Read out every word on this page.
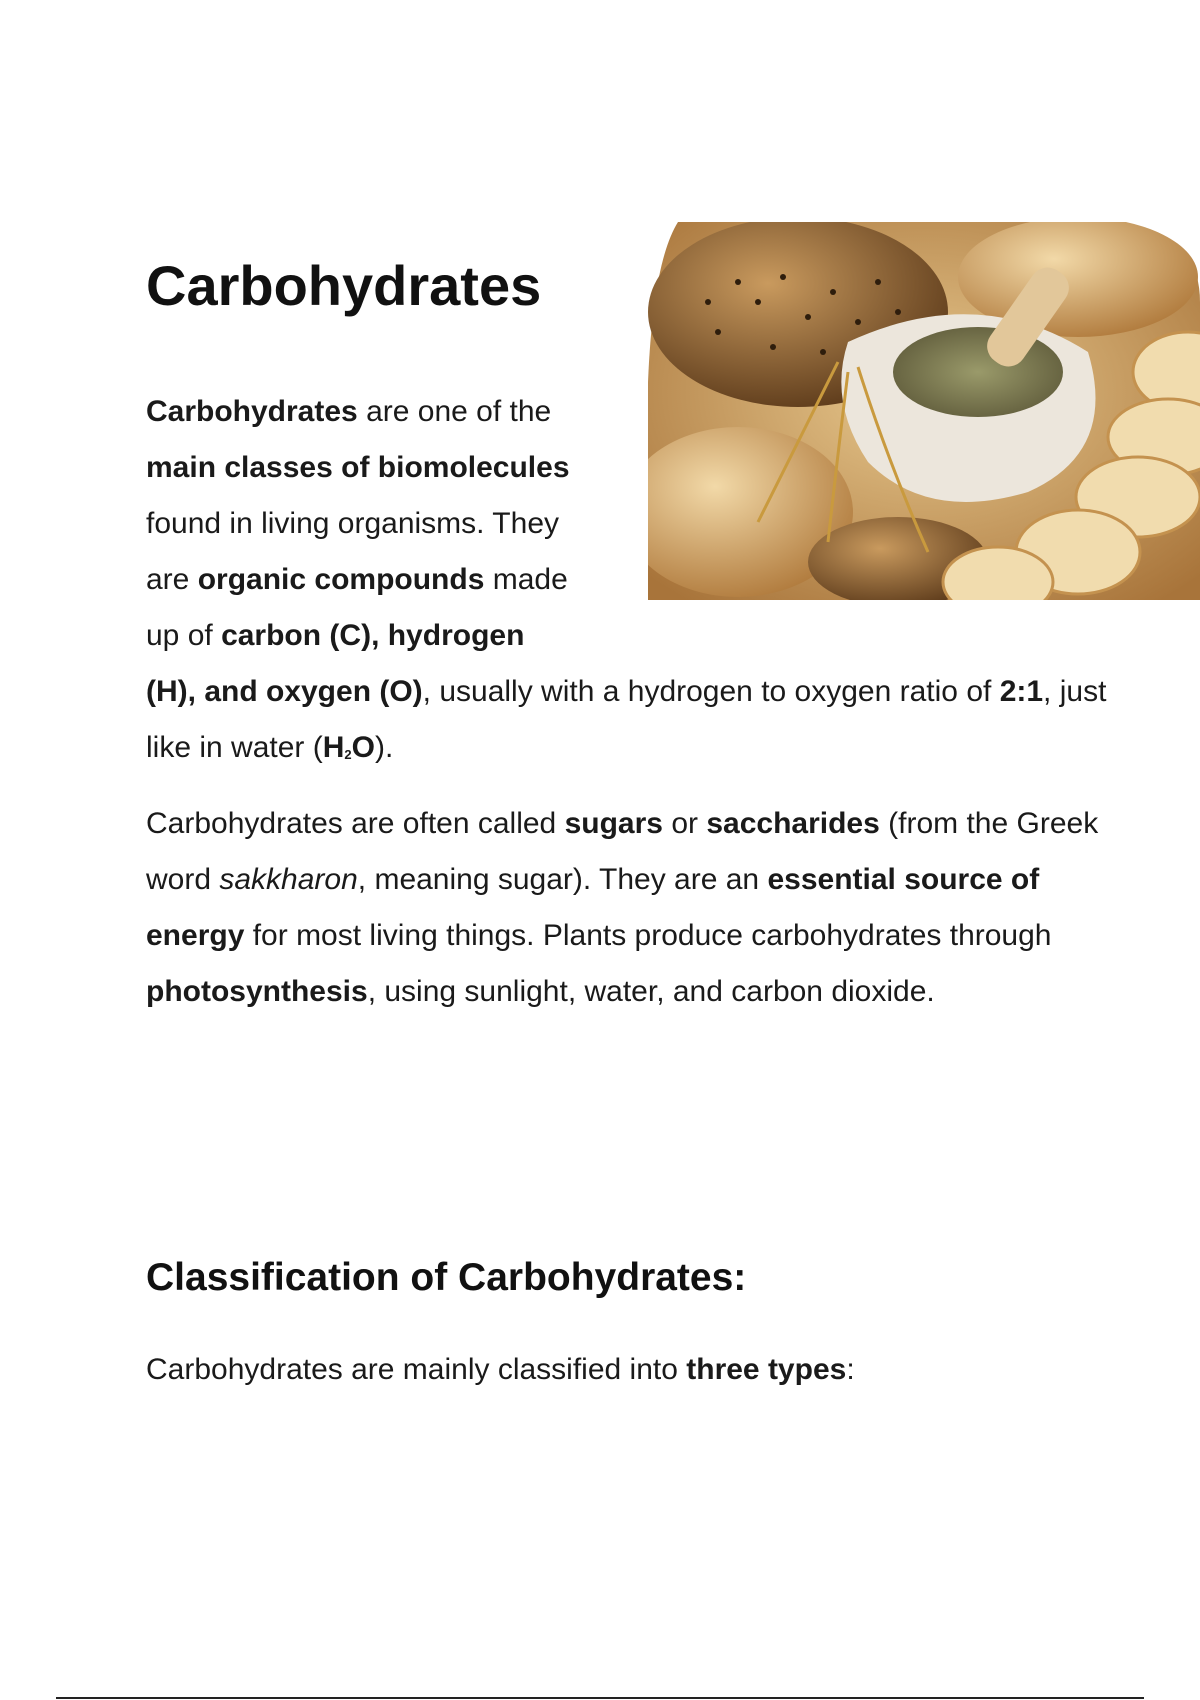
Carbohydrates

Carbohydrates are one of the main classes of biomolecules found in living organisms. They are organic compounds made up of carbon (C), hydrogen (H), and oxygen (O), usually with a hydrogen to oxygen ratio of 2:1, just like in water $(H_2O)$.

Carbohydrates are often called sugars or saccharides (from the Greek word sakkharon, meaning sugar). They are an essential source of energy for most living things. Plants produce carbohydrates through photosynthesis, using sunlight, water, and carbon dioxide.

Classification of Carbohydrates:

Carbohydrates are mainly classified into three types:
